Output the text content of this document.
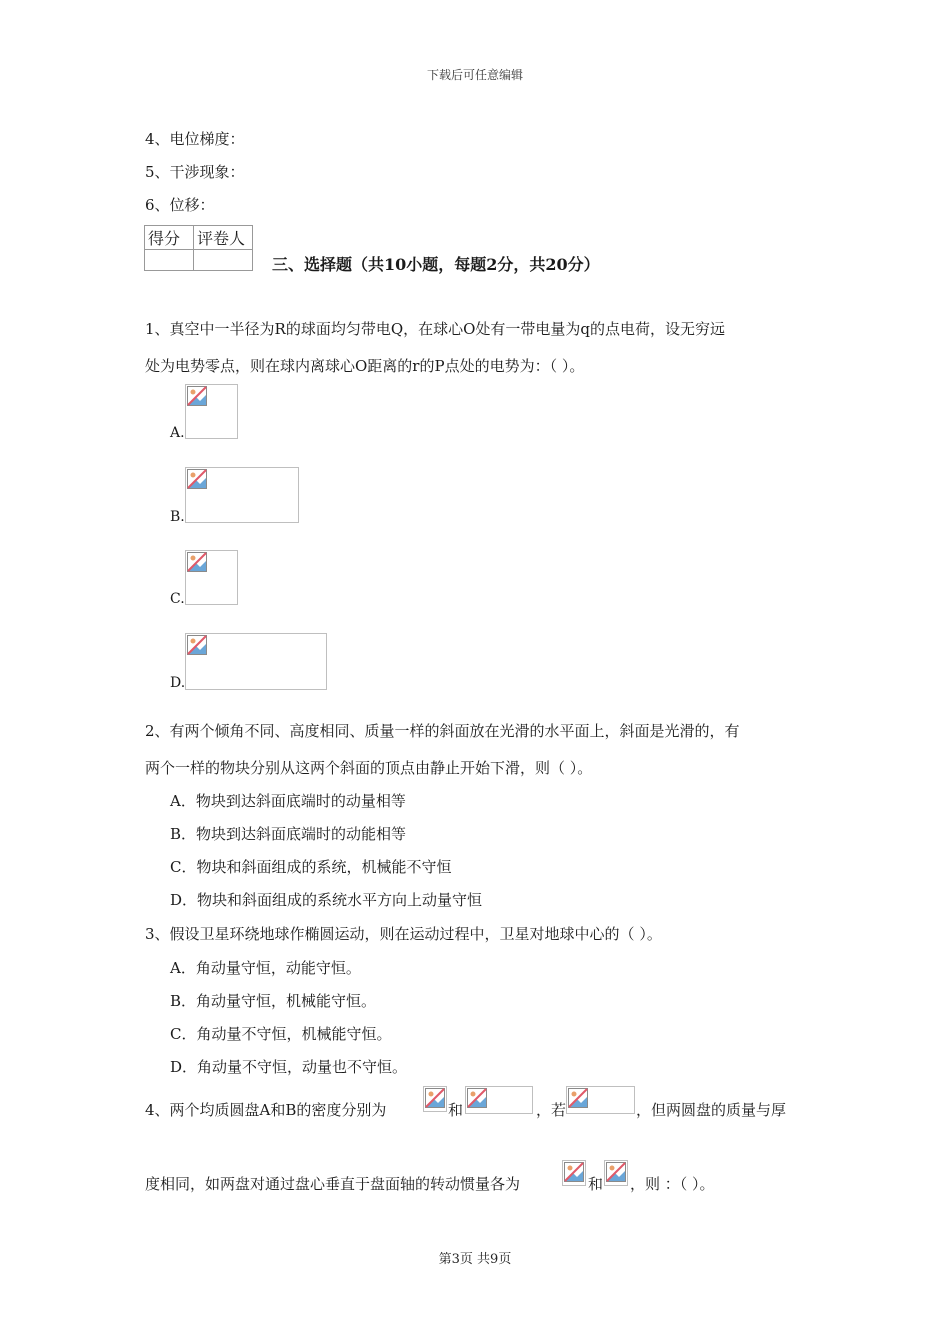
下载后可任意编辑
4、电位梯度：
5、干涉现象：
6、位移：
得分	评卷人

三、选择题（共10小题，每题2分，共20分）
1、真空中一半径为R的球面均匀带电Q，在球心O处有一带电量为q的点电荷，设无穷远
处为电势零点，则在球内离球心O距离的r的P点处的电势为：（ ）。
A.
B.
C.
D.
2、有两个倾角不同、高度相同、质量一样的斜面放在光滑的水平面上，斜面是光滑的，有
两个一样的物块分别从这两个斜面的顶点由静止开始下滑，则（ ）。
A．物块到达斜面底端时的动量相等
B．物块到达斜面底端时的动能相等
C．物块和斜面组成的系统，机械能不守恒
D．物块和斜面组成的系统水平方向上动量守恒
3、假设卫星环绕地球作椭圆运动，则在运动过程中，卫星对地球中心的（ ）。
A．角动量守恒，动能守恒。
B．角动量守恒，机械能守恒。
C．角动量不守恒，机械能守恒。
D．角动量不守恒，动量也不守恒。
4、两个均质圆盘A和B的密度分别为	和	，若	，但两圆盘的质量与厚
度相同，如两盘对通过盘心垂直于盘面轴的转动惯量各为	和 ，则 ：（ ）。
第3页 共9页
